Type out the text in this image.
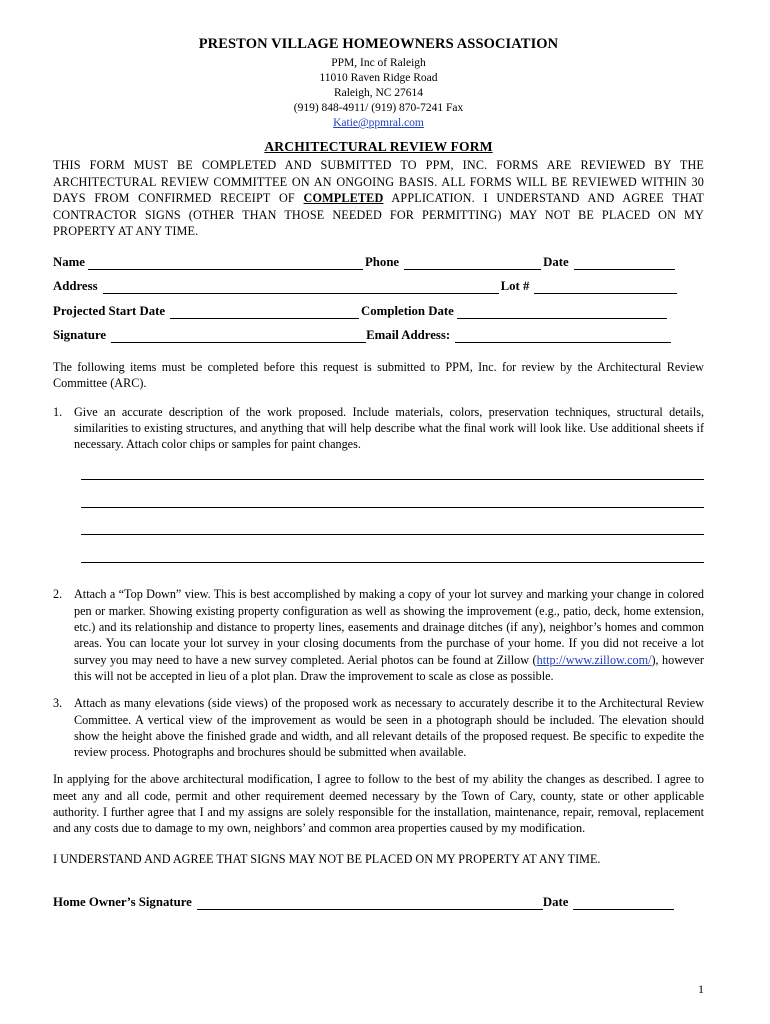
PRESTON VILLAGE HOMEOWNERS ASSOCIATION
PPM, Inc of Raleigh
11010 Raven Ridge Road
Raleigh, NC 27614
(919) 848-4911/ (919) 870-7241 Fax
Katie@ppmral.com
ARCHITECTURAL REVIEW FORM

THIS FORM MUST BE COMPLETED AND SUBMITTED TO PPM, INC. FORMS ARE REVIEWED BY THE ARCHITECTURAL REVIEW COMMITTEE ON AN ONGOING BASIS. ALL FORMS WILL BE REVIEWED WITHIN 30 DAYS FROM CONFIRMED RECEIPT OF COMPLETED APPLICATION. I UNDERSTAND AND AGREE THAT CONTRACTOR SIGNS (OTHER THAN THOSE NEEDED FOR PERMITTING) MAY NOT BE PLACED ON MY PROPERTY AT ANY TIME.

Name	Phone	Date
Address	Lot #
Projected Start Date	Completion Date
Signature	Email Address:

The following items must be completed before this request is submitted to PPM, Inc. for review by the Architectural Review Committee (ARC).

1. Give an accurate description of the work proposed. Include materials, colors, preservation techniques, structural details, similarities to existing structures, and anything that will help describe what the final work will look like. Use additional sheets if necessary. Attach color chips or samples for paint changes.
2. Attach a “Top Down” view. This is best accomplished by making a copy of your lot survey and marking your change in colored pen or marker. Showing existing property configuration as well as showing the improvement (e.g., patio, deck, home extension, etc.) and its relationship and distance to property lines, easements and drainage ditches (if any), neighbor’s homes and common areas. You can locate your lot survey in your closing documents from the purchase of your home. If you did not receive a lot survey you may need to have a new survey completed. Aerial photos can be found at Zillow (http://www.zillow.com/), however this will not be accepted in lieu of a plot plan. Draw the improvement to scale as close as possible.
3. Attach as many elevations (side views) of the proposed work as necessary to accurately describe it to the Architectural Review Committee. A vertical view of the improvement as would be seen in a photograph should be included. The elevation should show the height above the finished grade and width, and all relevant details of the proposed request. Be specific to expedite the review process. Photographs and brochures should be submitted when available.

In applying for the above architectural modification, I agree to follow to the best of my ability the changes as described. I agree to meet any and all code, permit and other requirement deemed necessary by the Town of Cary, county, state or other applicable authority. I further agree that I and my assigns are solely responsible for the installation, maintenance, repair, removal, replacement and any costs due to damage to my own, neighbors’ and common area properties caused by my modification.

I UNDERSTAND AND AGREE THAT SIGNS MAY NOT BE PLACED ON MY PROPERTY AT ANY TIME.

Home Owner’s Signature	Date
1
